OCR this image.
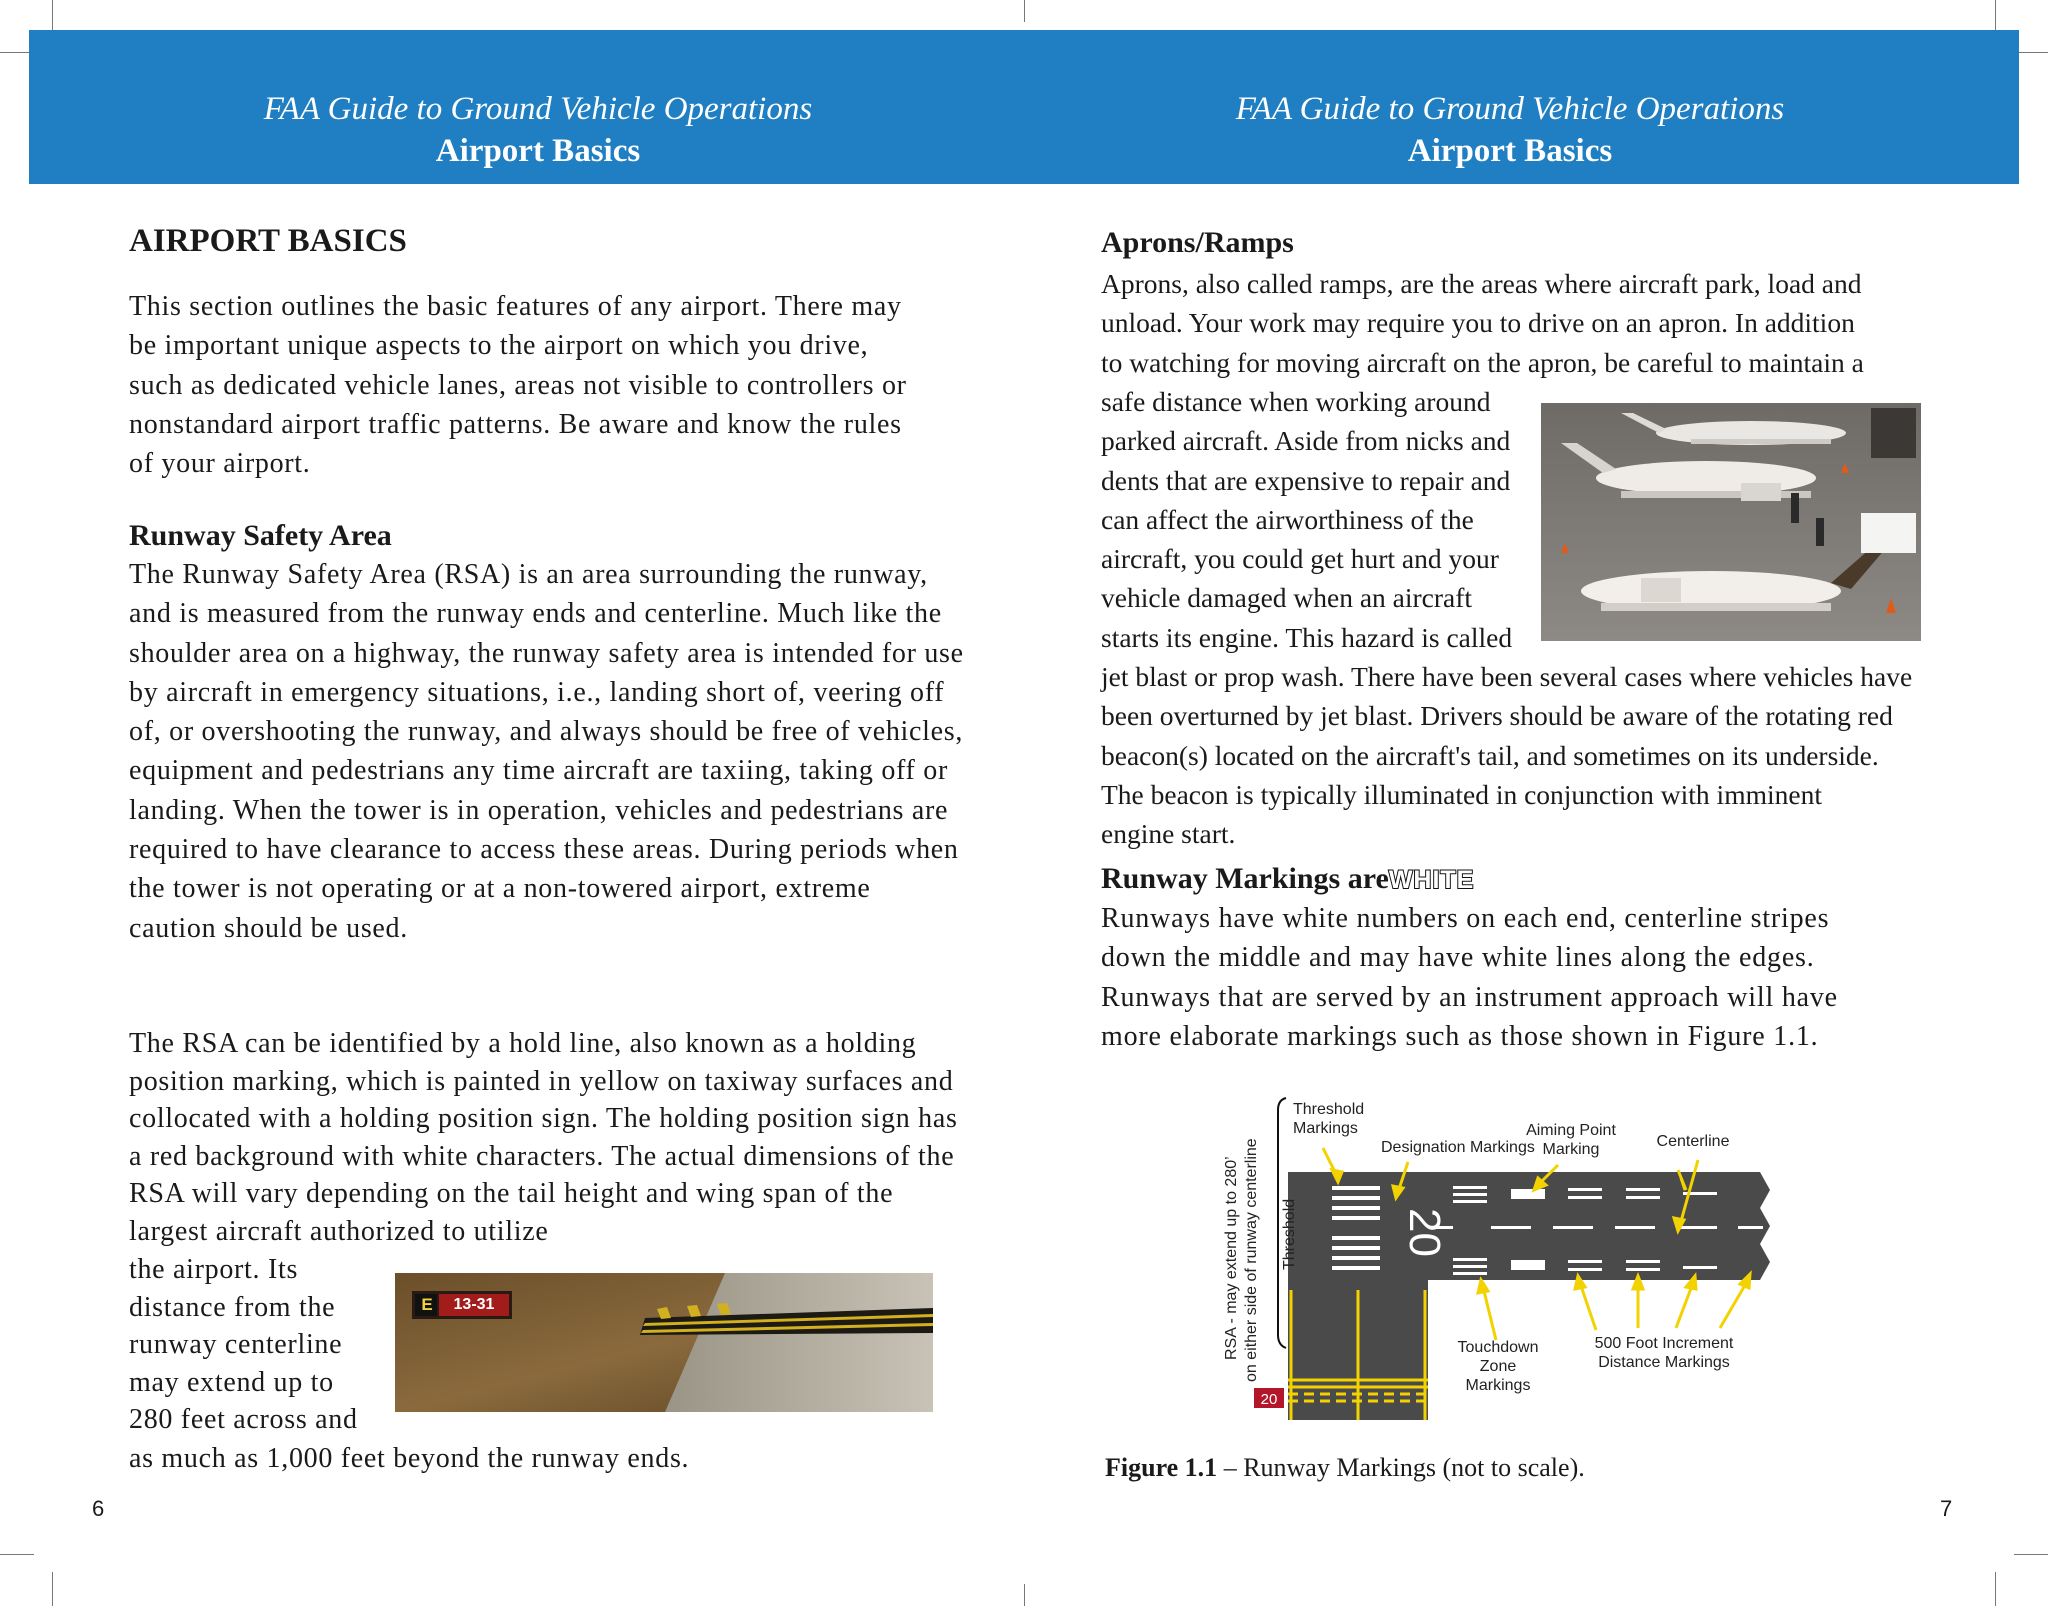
FAA Guide to Ground Vehicle Operations
Airport Basics
FAA Guide to Ground Vehicle Operations
Airport Basics
AIRPORT BASICS

This section outlines the basic features of any airport. There may be important unique aspects to the airport on which you drive, such as dedicated vehicle lanes, areas not visible to controllers or nonstandard airport traffic patterns. Be aware and know the rules of your airport.

Runway Safety Area

The Runway Safety Area (RSA) is an area surrounding the runway, and is measured from the runway ends and centerline. Much like the shoulder area on a highway, the runway safety area is intended for use by aircraft in emergency situations, i.e., landing short of, veering off of, or overshooting the runway, and always should be free of vehicles, equipment and pedestrians any time aircraft are taxiing, taking off or landing. When the tower is in operation, vehicles and pedestrians are required to have clearance to access these areas. During periods when the tower is not operating or at a non-towered airport, extreme caution should be used.

The RSA can be identified by a hold line, also known as a holding position marking, which is painted in yellow on taxiway surfaces and collocated with a holding position sign. The holding position sign has a red background with white characters. The actual dimensions of the RSA will vary depending on the tail height and wing span of the largest aircraft authorized to utilize

the airport. Its
distance from the
runway centerline
may extend up to
280 feet across and
as much as 1,000 feet beyond the runway ends.
E	13-31
6
Aprons/Ramps
Aprons, also called ramps, are the areas where aircraft park, load and
unload. Your work may require you to drive on an apron. In addition
to watching for moving aircraft on the apron, be careful to maintain a
safe distance when working around
parked aircraft. Aside from nicks and
dents that are expensive to repair and
can affect the airworthiness of the
aircraft, you could get hurt and your
vehicle damaged when an aircraft
starts its engine. This hazard is called
jet blast or prop wash. There have been several cases where vehicles have
been overturned by jet blast. Drivers should be aware of the rotating red
beacon(s) located on the aircraft's tail, and sometimes on its underside.
The beacon is typically illuminated in conjunction with imminent
engine start.
Runway Markings areWHITE
Runways have white numbers on each end, centerline stripes
down the middle and may have white lines along the edges.
Runways that are served by an instrument approach will have
more elaborate markings such as those shown in Figure 1.1.
Threshold
Markings
Designation Markings
Aiming Point
Marking	Centerline
Threshold
RSA - may extend up to 280’ on either side of runway centerline	Touchdown
Zone
Markings
500 Foot Increment
Distance Markings
20
20
Figure 1.1 – Runway Markings (not to scale).
7
